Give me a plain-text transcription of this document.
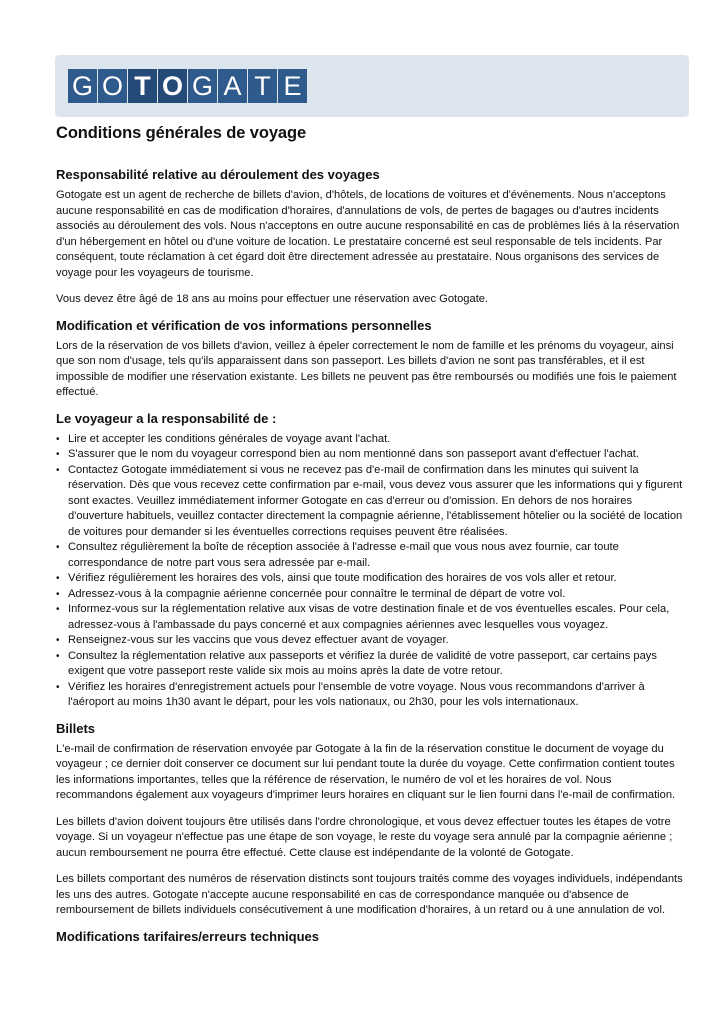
G O T O G A T E
Conditions générales de voyage
Responsabilité relative au déroulement des voyages

Gotogate est un agent de recherche de billets d'avion, d'hôtels, de locations de voitures et d'événements. Nous n'acceptons aucune responsabilité en cas de modification d'horaires, d'annulations de vols, de pertes de bagages ou d'autres incidents associés au déroulement des vols. Nous n'acceptons en outre aucune responsabilité en cas de problèmes liés à la réservation d'un hébergement en hôtel ou d'une voiture de location. Le prestataire concerné est seul responsable de tels incidents. Par conséquent, toute réclamation à cet égard doit être directement adressée au prestataire. Nous organisons des services de voyage pour les voyageurs de tourisme.

Vous devez être âgé de 18 ans au moins pour effectuer une réservation avec Gotogate.

Modification et vérification de vos informations personnelles

Lors de la réservation de vos billets d'avion, veillez à épeler correctement le nom de famille et les prénoms du voyageur, ainsi que son nom d'usage, tels qu'ils apparaissent dans son passeport. Les billets d'avion ne sont pas transférables, et il est impossible de modifier une réservation existante. Les billets ne peuvent pas être remboursés ou modifiés une fois le paiement effectué.

Le voyageur a la responsabilité de :
• Lire et accepter les conditions générales de voyage avant l'achat.
• S'assurer que le nom du voyageur correspond bien au nom mentionné dans son passeport avant d'effectuer l'achat.
• Contactez Gotogate immédiatement si vous ne recevez pas d'e-mail de confirmation dans les minutes qui suivent la réservation. Dès que vous recevez cette confirmation par e-mail, vous devez vous assurer que les informations qui y figurent sont exactes. Veuillez immédiatement informer Gotogate en cas d'erreur ou d'omission. En dehors de nos horaires d'ouverture habituels, veuillez contacter directement la compagnie aérienne, l'établissement hôtelier ou la société de location de voitures pour demander si les éventuelles corrections requises peuvent être réalisées.
• Consultez régulièrement la boîte de réception associée à l'adresse e-mail que vous nous avez fournie, car toute correspondance de notre part vous sera adressée par e-mail.
• Vérifiez régulièrement les horaires des vols, ainsi que toute modification des horaires de vos vols aller et retour.
• Adressez-vous à la compagnie aérienne concernée pour connaître le terminal de départ de votre vol.
• Informez-vous sur la réglementation relative aux visas de votre destination finale et de vos éventuelles escales. Pour cela, adressez-vous à l'ambassade du pays concerné et aux compagnies aériennes avec lesquelles vous voyagez.
• Renseignez-vous sur les vaccins que vous devez effectuer avant de voyager.
• Consultez la réglementation relative aux passeports et vérifiez la durée de validité de votre passeport, car certains pays exigent que votre passeport reste valide six mois au moins après la date de votre retour.
• Vérifiez les horaires d'enregistrement actuels pour l'ensemble de votre voyage. Nous vous recommandons d'arriver à l'aéroport au moins 1h30 avant le départ, pour les vols nationaux, ou 2h30, pour les vols internationaux.
Billets

L'e-mail de confirmation de réservation envoyée par Gotogate à la fin de la réservation constitue le document de voyage du voyageur ; ce dernier doit conserver ce document sur lui pendant toute la durée du voyage. Cette confirmation contient toutes les informations importantes, telles que la référence de réservation, le numéro de vol et les horaires de vol. Nous recommandons également aux voyageurs d'imprimer leurs horaires en cliquant sur le lien fourni dans l'e-mail de confirmation.

Les billets d'avion doivent toujours être utilisés dans l'ordre chronologique, et vous devez effectuer toutes les étapes de votre voyage. Si un voyageur n'effectue pas une étape de son voyage, le reste du voyage sera annulé par la compagnie aérienne ; aucun remboursement ne pourra être effectué. Cette clause est indépendante de la volonté de Gotogate.

Les billets comportant des numéros de réservation distincts sont toujours traités comme des voyages individuels, indépendants les uns des autres. Gotogate n'accepte aucune responsabilité en cas de correspondance manquée ou d'absence de remboursement de billets individuels consécutivement à une modification d'horaires, à un retard ou à une annulation de vol.

Modifications tarifaires/erreurs techniques
